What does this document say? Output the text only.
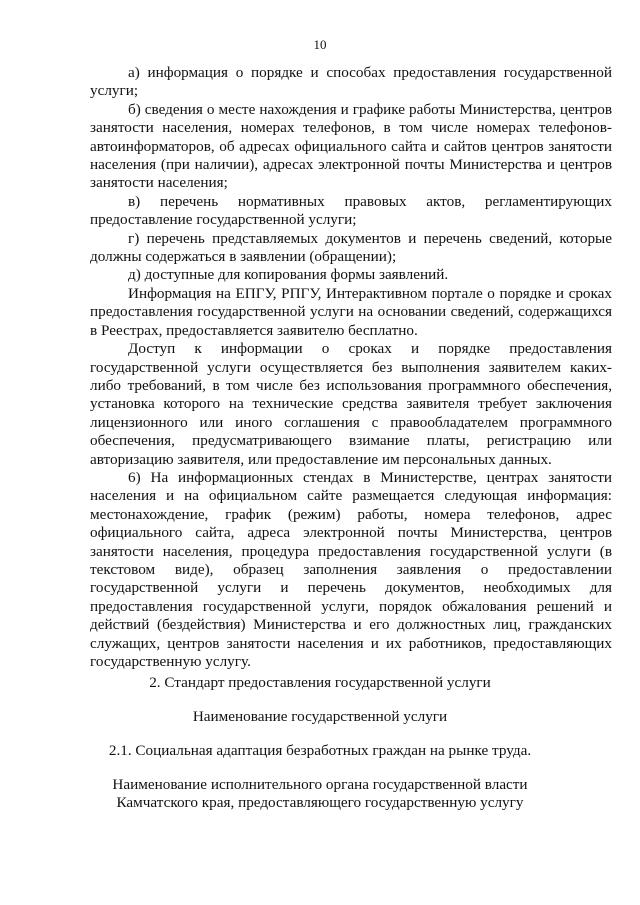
10

а) информация о порядке и способах предоставления государственной услуги;

б) сведения о месте нахождения и графике работы Министерства, центров занятости населения, номерах телефонов, в том числе номерах телефонов-автоинформаторов, об адресах официального сайта и сайтов центров занятости населения (при наличии), адресах электронной почты Министерства и центров занятости населения;

в) перечень нормативных правовых актов, регламентирующих предоставление государственной услуги;

г) перечень представляемых документов и перечень сведений, которые должны содержаться в заявлении (обращении);

д) доступные для копирования формы заявлений.

Информация на ЕПГУ, РПГУ, Интерактивном портале о порядке и сроках предоставления государственной услуги на основании сведений, содержащихся в Реестрах, предоставляется заявителю бесплатно.

Доступ к информации о сроках и порядке предоставления государственной услуги осуществляется без выполнения заявителем каких-либо требований, в том числе без использования программного обеспечения, установка которого на технические средства заявителя требует заключения лицензионного или иного соглашения с правообладателем программного обеспечения, предусматривающего взимание платы, регистрацию или авторизацию заявителя, или предоставление им персональных данных.

6) На информационных стендах в Министерстве, центрах занятости населения и на официальном сайте размещается следующая информация: местонахождение, график (режим) работы, номера телефонов, адрес официального сайта, адреса электронной почты Министерства, центров занятости населения, процедура предоставления государственной услуги (в текстовом виде), образец заполнения заявления о предоставлении государственной услуги и перечень документов, необходимых для предоставления государственной услуги, порядок обжалования решений и действий (бездействия) Министерства и его должностных лиц, гражданских служащих, центров занятости населения и их работников, предоставляющих государственную услугу.

2. Стандарт предоставления государственной услуги

Наименование государственной услуги

2.1. Социальная адаптация безработных граждан на рынке труда.

Наименование исполнительного органа государственной власти

Камчатского края, предоставляющего государственную услугу
